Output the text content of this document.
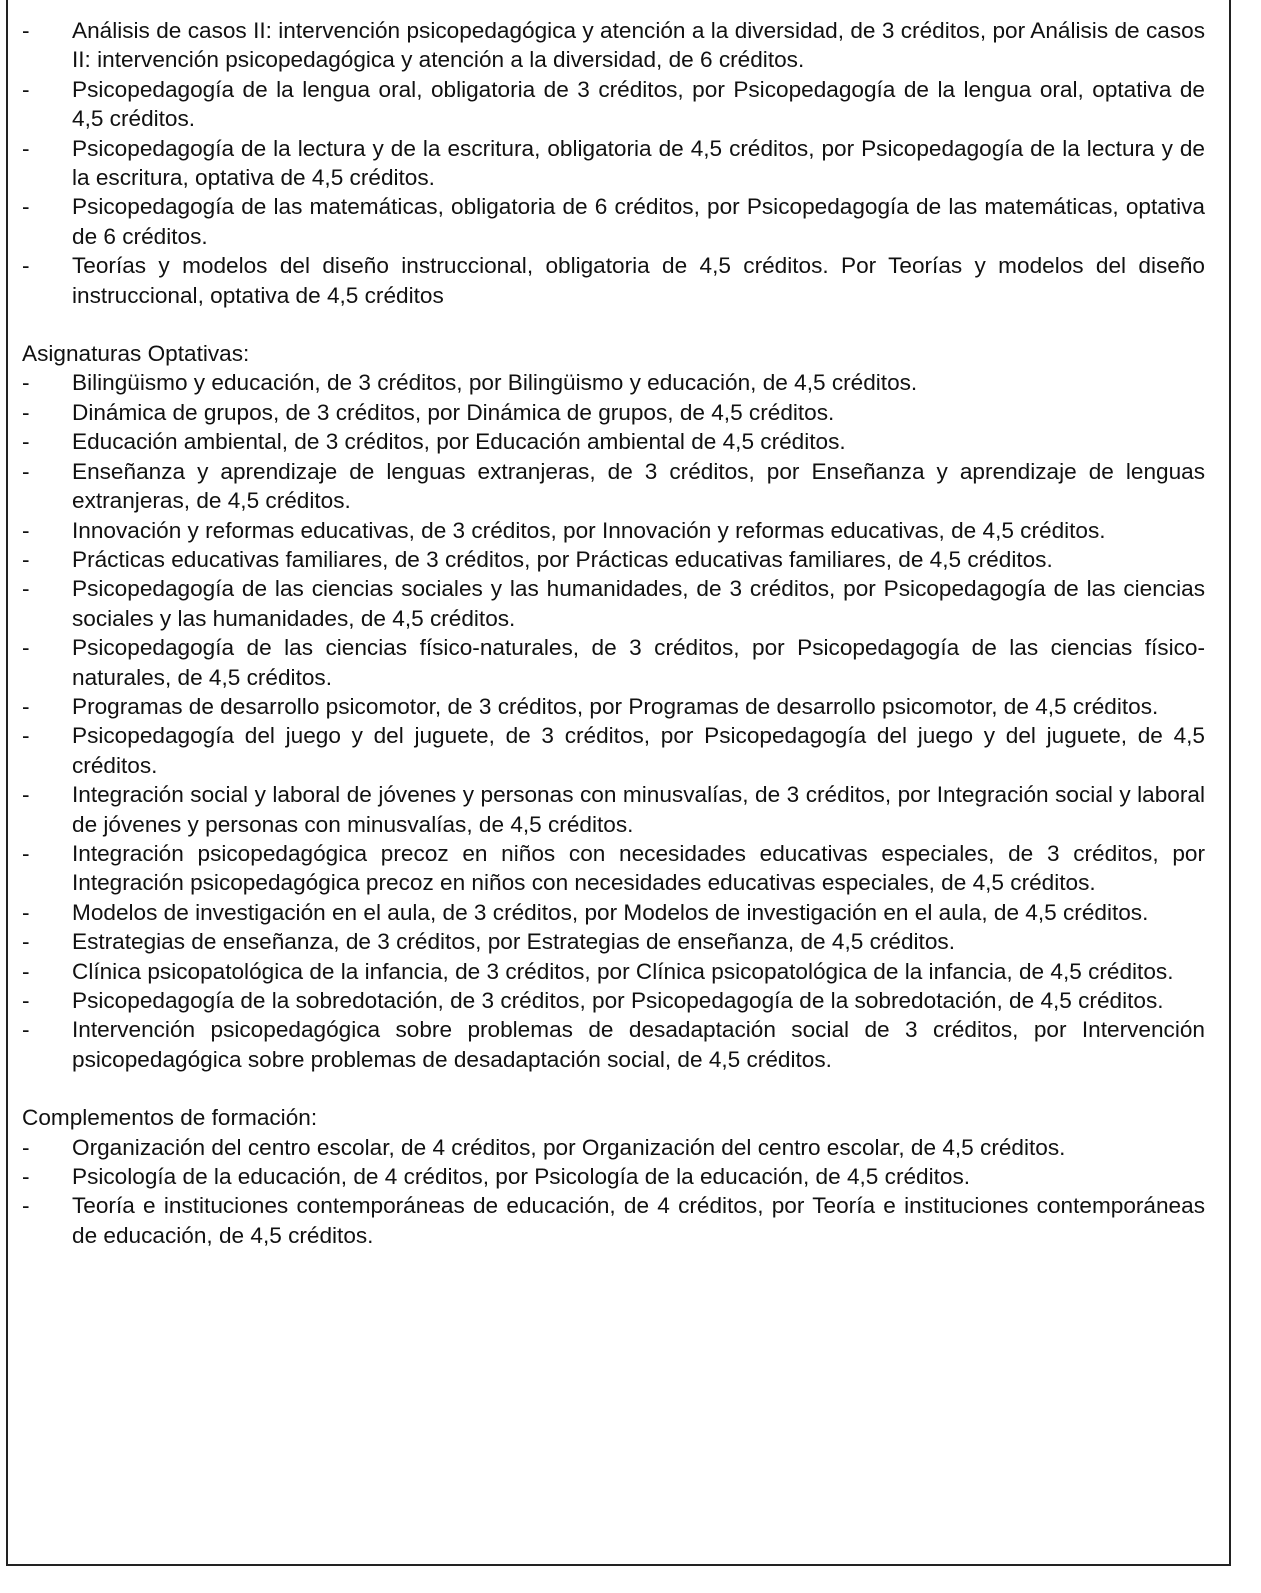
- Análisis de casos II: intervención psicopedagógica y atención a la diversidad, de 3 créditos, por Análisis de casos II: intervención psicopedagógica y atención a la diversidad, de 6 créditos.
- Psicopedagogía de la lengua oral, obligatoria de 3 créditos, por Psicopedagogía de la lengua oral, optativa de 4,5 créditos.
- Psicopedagogía de la lectura y de la escritura, obligatoria de 4,5 créditos, por Psicopedagogía de la lectura y de la escritura, optativa de 4,5 créditos.
- Psicopedagogía de las matemáticas, obligatoria de 6 créditos, por Psicopedagogía de las matemáticas, optativa de 6 créditos.
- Teorías y modelos del diseño instruccional, obligatoria de 4,5 créditos. Por Teorías y modelos del diseño instruccional, optativa de 4,5 créditos
Asignaturas Optativas:
- Bilingüismo y educación, de 3 créditos, por Bilingüismo y educación, de 4,5 créditos.
- Dinámica de grupos, de 3 créditos, por Dinámica de grupos, de 4,5 créditos.
- Educación ambiental, de 3 créditos, por Educación ambiental de 4,5 créditos.
- Enseñanza y aprendizaje de lenguas extranjeras, de 3 créditos, por Enseñanza y aprendizaje de lenguas extranjeras, de 4,5 créditos.
- Innovación y reformas educativas, de 3 créditos, por Innovación y reformas educativas, de 4,5 créditos.
- Prácticas educativas familiares, de 3 créditos, por Prácticas educativas familiares, de 4,5 créditos.
- Psicopedagogía de las ciencias sociales y las humanidades, de 3 créditos, por Psicopedagogía de las ciencias sociales y las humanidades, de 4,5 créditos.
- Psicopedagogía de las ciencias físico-naturales, de 3 créditos, por Psicopedagogía de las ciencias físico-naturales, de 4,5 créditos.
- Programas de desarrollo psicomotor, de 3 créditos, por Programas de desarrollo psicomotor, de 4,5 créditos.
- Psicopedagogía del juego y del juguete, de 3 créditos, por Psicopedagogía del juego y del juguete, de 4,5 créditos.
- Integración social y laboral de jóvenes y personas con minusvalías, de 3 créditos, por Integración social y laboral de jóvenes y personas con minusvalías, de 4,5 créditos.
- Integración psicopedagógica precoz en niños con necesidades educativas especiales, de 3 créditos, por Integración psicopedagógica precoz en niños con necesidades educativas especiales, de 4,5 créditos.
- Modelos de investigación en el aula, de 3 créditos, por Modelos de investigación en el aula, de 4,5 créditos.
- Estrategias de enseñanza, de 3 créditos, por Estrategias de enseñanza, de 4,5 créditos.
- Clínica psicopatológica de la infancia, de 3 créditos, por Clínica psicopatológica de la infancia, de 4,5 créditos.
- Psicopedagogía de la sobredotación, de 3 créditos, por Psicopedagogía de la sobredotación, de 4,5 créditos.
- Intervención psicopedagógica sobre problemas de desadaptación social de 3 créditos, por Intervención psicopedagógica sobre problemas de desadaptación social, de 4,5 créditos.
Complementos de formación:
- Organización del centro escolar, de 4 créditos, por Organización del centro escolar, de 4,5 créditos.
- Psicología de la educación, de 4 créditos, por Psicología de la educación, de 4,5 créditos.
- Teoría e instituciones contemporáneas de educación, de 4 créditos, por Teoría e instituciones contemporáneas de educación, de 4,5 créditos.
